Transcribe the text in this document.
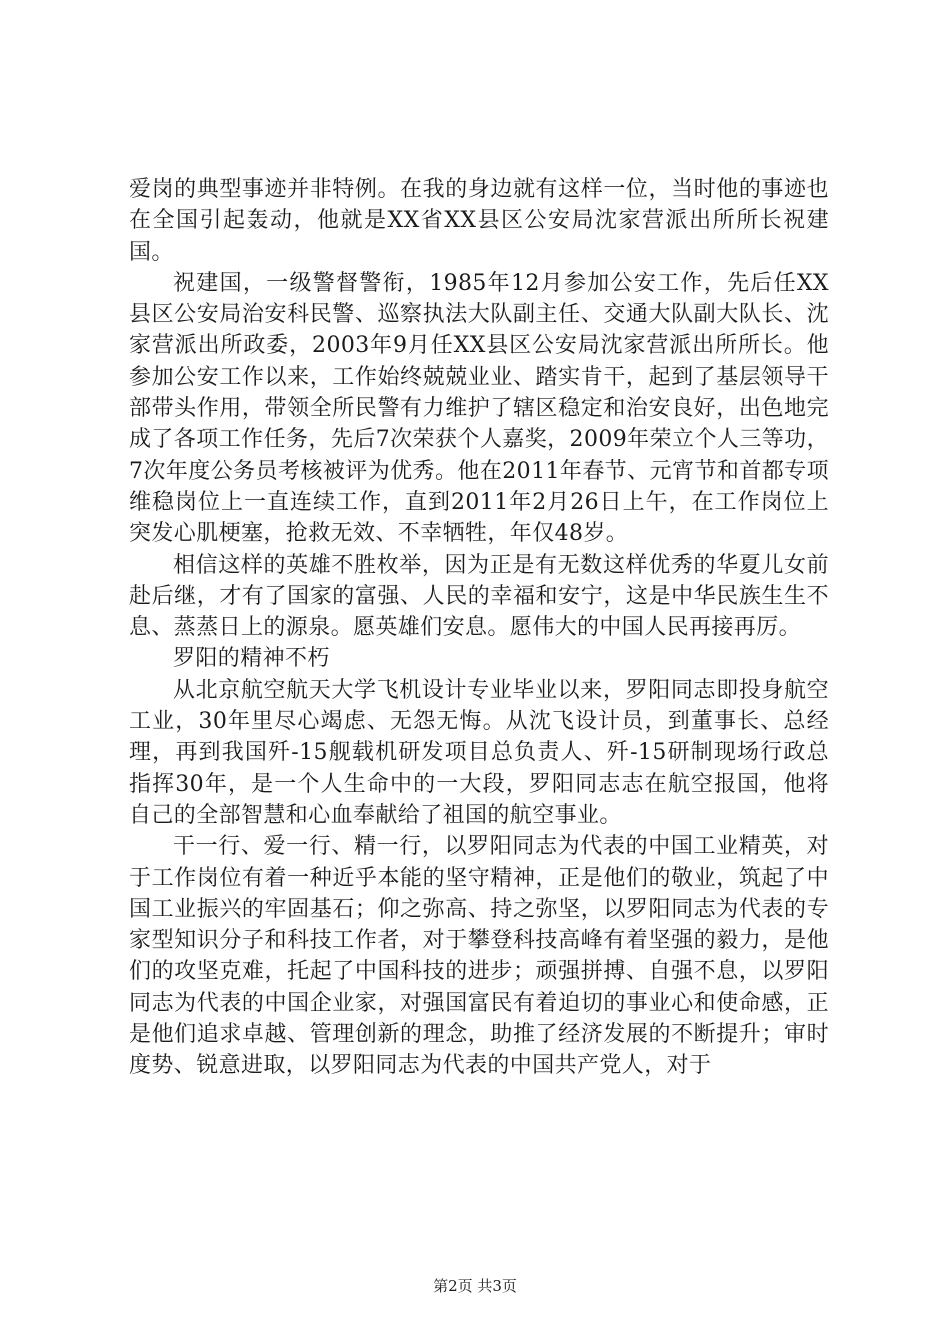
爱岗的典型事迹并非特例。在我的身边就有这样一位，当时他的事迹也在全国引起轰动，他就是XX省XX县区公安局沈家营派出所所长祝建国。

祝建国，一级警督警衔，1985年12月参加公安工作，先后任XX县区公安局治安科民警、巡察执法大队副主任、交通大队副大队长、沈家营派出所政委，2003年9月任XX县区公安局沈家营派出所所长。他参加公安工作以来，工作始终兢兢业业、踏实肯干，起到了基层领导干部带头作用，带领全所民警有力维护了辖区稳定和治安良好，出色地完成了各项工作任务，先后7次荣获个人嘉奖，2009年荣立个人三等功，7次年度公务员考核被评为优秀。他在2011年春节、元宵节和首都专项维稳岗位上一直连续工作，直到2011年2月26日上午，在工作岗位上突发心肌梗塞，抢救无效、不幸牺牲，年仅48岁。

相信这样的英雄不胜枚举，因为正是有无数这样优秀的华夏儿女前赴后继，才有了国家的富强、人民的幸福和安宁，这是中华民族生生不息、蒸蒸日上的源泉。愿英雄们安息。愿伟大的中国人民再接再厉。

罗阳的精神不朽

从北京航空航天大学飞机设计专业毕业以来，罗阳同志即投身航空工业，30年里尽心竭虑、无怨无悔。从沈飞设计员，到董事长、总经理，再到我国歼-15舰载机研发项目总负责人、歼-15研制现场行政总指挥30年，是一个人生命中的一大段，罗阳同志志在航空报国，他将自己的全部智慧和心血奉献给了祖国的航空事业。

干一行、爱一行、精一行，以罗阳同志为代表的中国工业精英，对于工作岗位有着一种近乎本能的坚守精神，正是他们的敬业，筑起了中国工业振兴的牢固基石；仰之弥高、持之弥坚，以罗阳同志为代表的专家型知识分子和科技工作者，对于攀登科技高峰有着坚强的毅力，是他们的攻坚克难，托起了中国科技的进步；顽强拼搏、自强不息，以罗阳同志为代表的中国企业家，对强国富民有着迫切的事业心和使命感，正是他们追求卓越、管理创新的理念，助推了经济发展的不断提升；审时度势、锐意进取，以罗阳同志为代表的中国共产党人，对于

第2页 共3页
